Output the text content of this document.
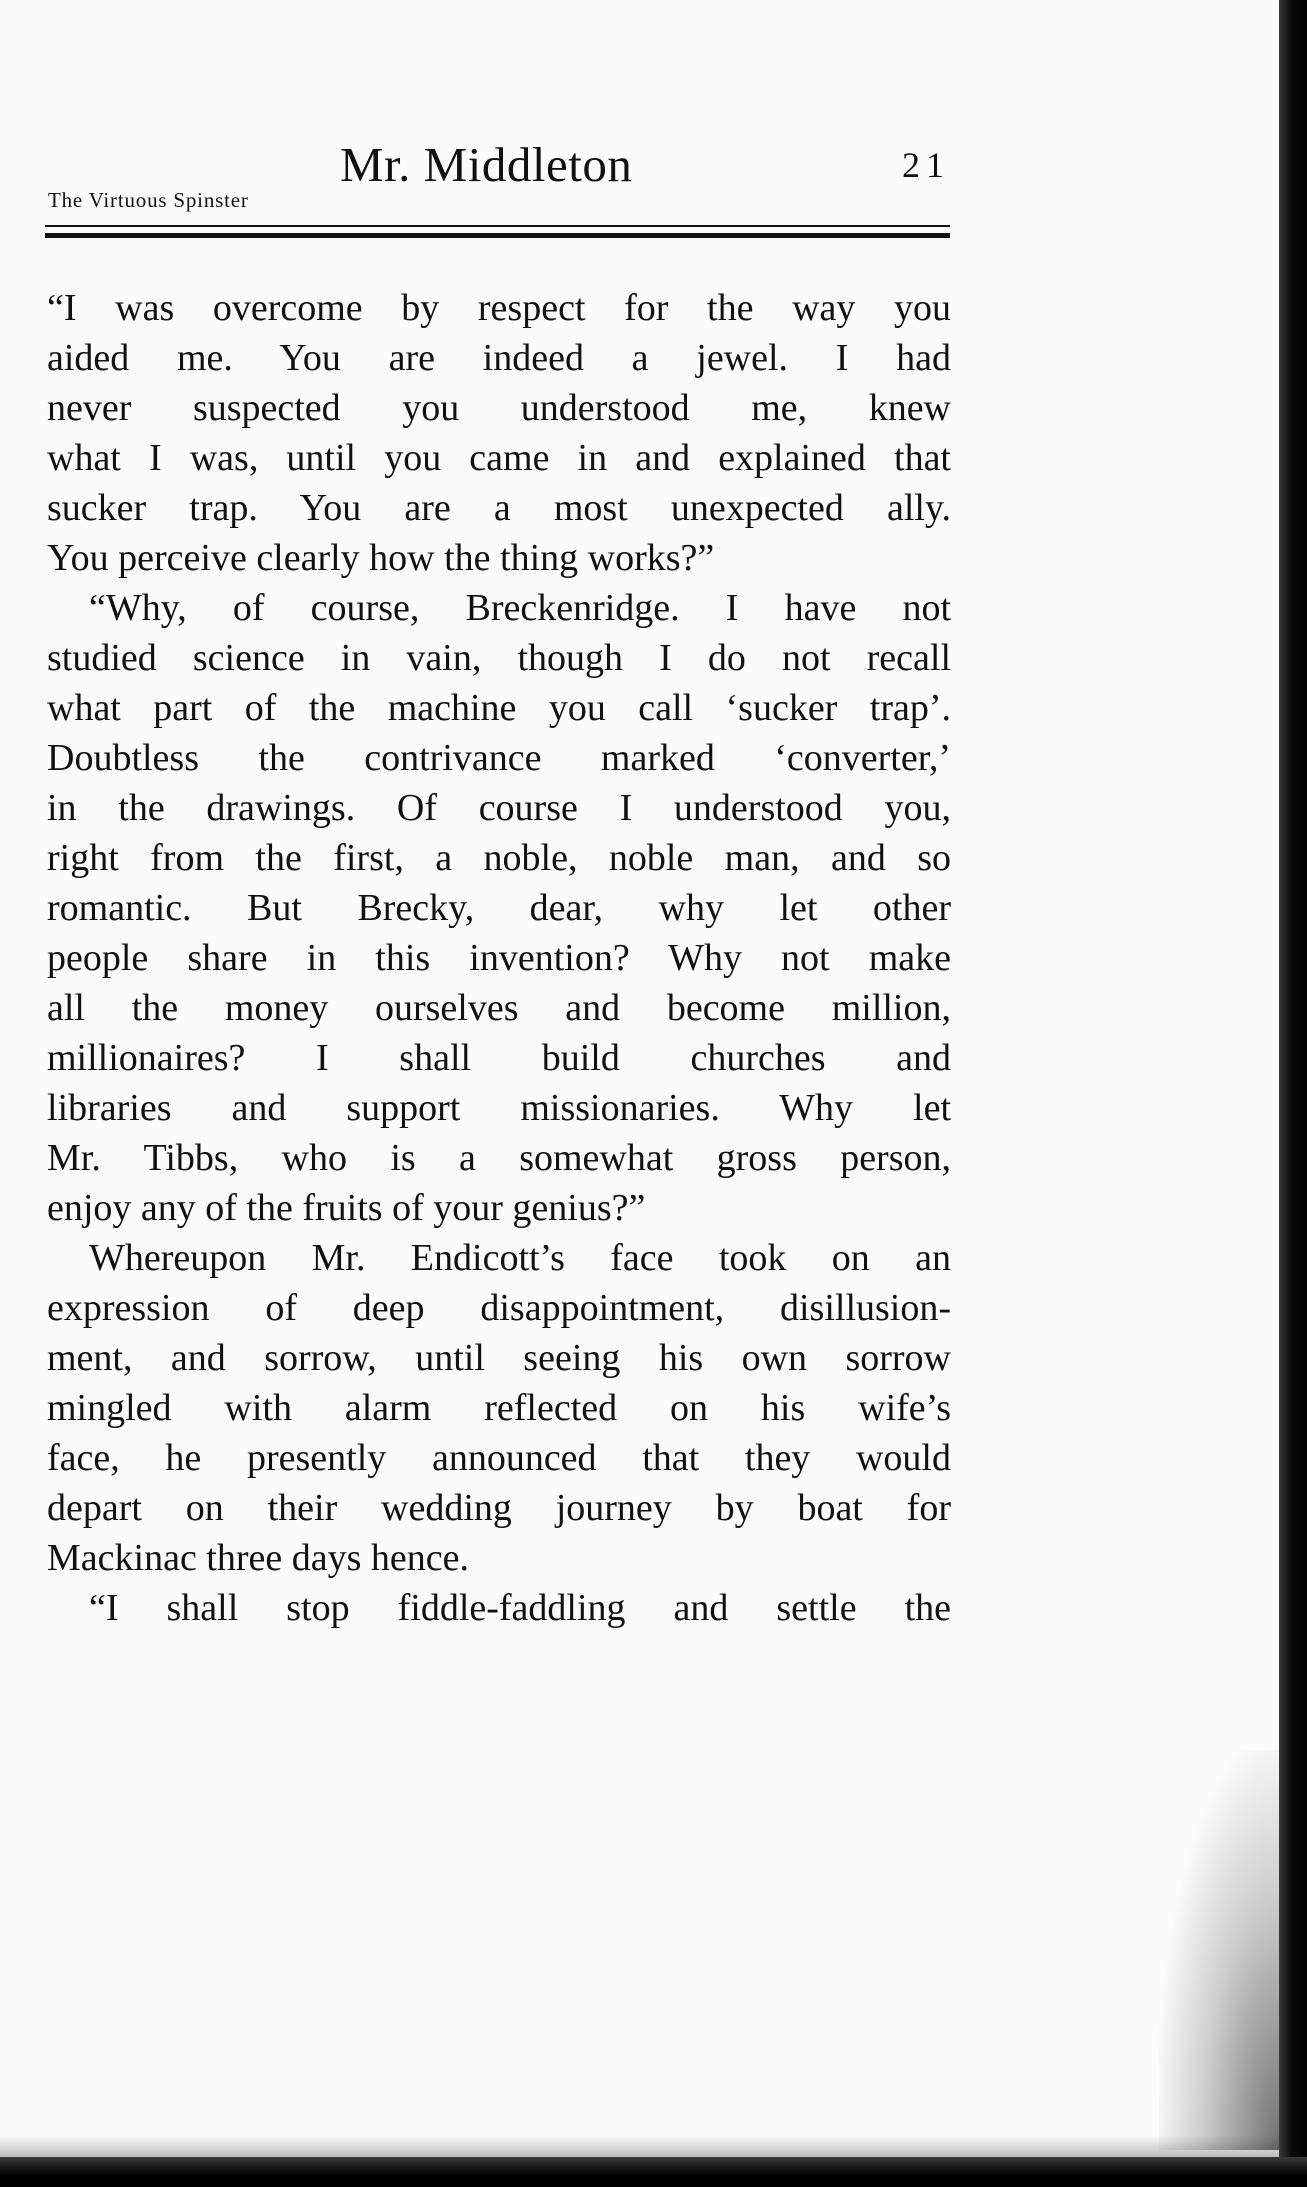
Mr. Middleton	21
The Virtuous Spinster
“I was overcome by respect for the way you
aided me. You are indeed a jewel. I had
never suspected you understood me, knew
what I was, until you came in and explained that
sucker trap. You are a most unexpected ally.
You perceive clearly how the thing works?”
“Why, of course, Breckenridge. I have not
studied science in vain, though I do not recall
what part of the machine you call ‘sucker trap’.
Doubtless the contrivance marked ‘converter,’
in the drawings. Of course I understood you,
right from the first, a noble, noble man, and so
romantic. But Brecky, dear, why let other
people share in this invention? Why not make
all the money ourselves and become million,
millionaires? I shall build churches and
libraries and support missionaries. Why let
Mr. Tibbs, who is a somewhat gross person,
enjoy any of the fruits of your genius?”
Whereupon Mr. Endicott’s face took on an
expression of deep disappointment, disillusion-
ment, and sorrow, until seeing his own sorrow
mingled with alarm reflected on his wife’s
face, he presently announced that they would
depart on their wedding journey by boat for
Mackinac three days hence.
“I shall stop fiddle-faddling and settle the
